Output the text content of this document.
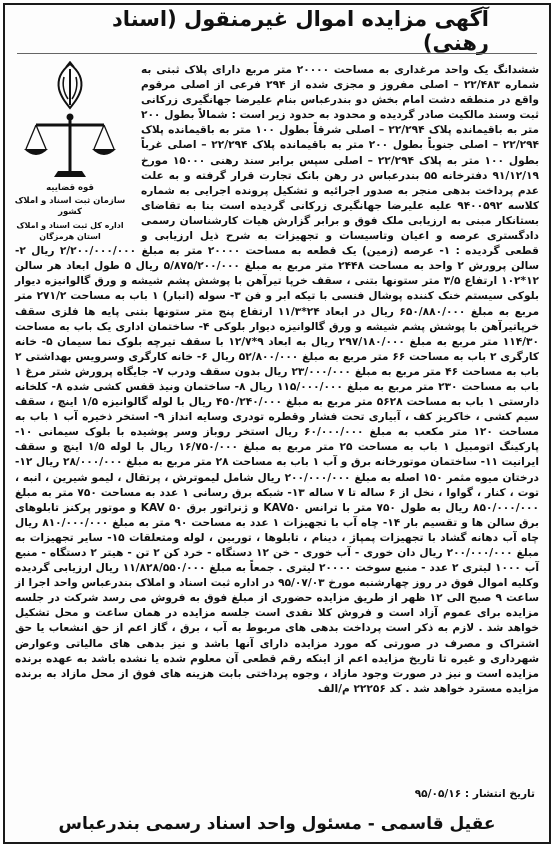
آگهی مزایده اموال غیرمنقول (اسناد رهنی)
قوه قضاییه
سازمان ثبت اسناد و املاک کشور
اداره کل ثبت اسناد و املاک استان هرمزگان
ششدانگ یک واحد مرغداری به مساحت ۲۰۰۰۰ متر مربع دارای پلاک ثبتی به شماره ۲۲/۴۸۳ – اصلی مفروز و مجزی شده از ۲۹۴ فرعی از اصلی مرقوم واقع در منطقه دشت امام بخش دو بندرعباس بنام علیرضا جهانگیری زرکانی ثبت وسند مالکیت صادر گردیده و محدود به حدود زیر است : شمالاً بطول ۲۰۰ متر به باقیمانده پلاک ۲۲/۲۹۴ – اصلی شرقاً بطول ۱۰۰ متر به باقیمانده پلاک ۲۲/۲۹۴ – اصلی جنوباً بطول ۲۰۰ متر به باقیمانده پلاک ۲۲/۲۹۴ – اصلی غرباً بطول ۱۰۰ متر به پلاک ۲۲/۲۹۴ – اصلی سپس برابر سند رهنی ۱۵۰۰۰ مورخ ۹۱/۱۲/۱۹ دفترخانه ۵۵ بندرعباس در رهن بانک تجارت قرار گرفته و به علت عدم پرداخت بدهی منجر به صدور اجرائیه و تشکیل پرونده اجرایی به شماره کلاسه ۹۴۰۰۵۹۲ علیه علیرضا جهانگیری زرکانی گردیده است بنا به تقاضای بستانکار مبنی به ارزیابی ملک فوق و برابر گزارش هیات کارشناسان رسمی دادگستری عرصه و اعیان وتاسیسات و تجهیزات به شرح ذیل ارزیابی و قطعی گردیده : ۱- عرصه (زمین) یک قطعه به مساحت ۲۰۰۰۰ متر به مبلغ ۲/۲۰۰/۰۰۰/۰۰۰ ریال ۲- سالن پرورش ۲ واحد به مساحت ۲۴۴۸ متر مربع به مبلغ ۵/۸۷۵/۲۰۰/۰۰۰ ریال ۵ طول ابعاد هر سالن ۱۲*۱۰۲ ارتفاع ۳/۵ متر ستونها بتنی ، سقف خرپا تیرآهن با پوشش پشم شیشه و ورق گالوانیزه دیوار بلوکی سیستم خنک کننده پوشال فنسی با تیکه ابر و فن ۳- سوله (انبار) ۱ باب به مساحت ۲۷۱/۲ متر مربع به مبلغ ۶۵۰/۸۸۰/۰۰۰ ریال در ابعاد ۲۴*۱۱/۳ ارتفاع پنج متر ستونها بتنی پایه ها فلزی سقف خرپاتیرآهن با پوشش پشم شیشه و ورق گالوانیزه دیوار بلوکی ۴- ساختمان اداری یک باب به مساحت ۱۱۴/۳۰ متر مربع به مبلغ ۲۹۷/۱۸۰/۰۰۰ ریال به ابعاد ۹*۱۲/۷ با سقف تیرچه بلوک نما سیمان ۵- خانه کارگری ۲ باب به مساحت ۶۶ متر مربع به مبلغ ۵۲/۸۰۰/۰۰۰ ریال ۶- خانه کارگری وسرویس بهداشتی ۲ باب به مساحت ۴۶ متر مربع به مبلغ ۲۳/۰۰۰/۰۰۰ ریال بدون سقف ودرب ۷- جایگاه پرورش شتر مرغ ۱ باب به مساحت ۲۳۰ متر مربع به مبلغ ۱۱۵/۰۰۰/۰۰۰ ریال ۸- ساختمان ونیذ قفس کشی شده ۸- کلخانه دارستی ۱ باب به مساحت ۵۶۲۸ متر مربع به مبلغ ۴۵۰/۲۴۰/۰۰۰ ریال با لوله گالوانیزه ۱/۵ اینچ ، سقف سیم کشی ، خاکریز کف ، آبیاری تحت فشار وقطره تودری وسایه انداز ۹- استخر ذخیره آب ۱ باب به مساحت ۱۲۰ متر مکعب به مبلغ ۶۰/۰۰۰/۰۰۰ ریال استخر روباز وسر پوشیده با بلوک سیمانی ۱۰- پارکینگ اتومبیل ۱ باب به مساحت ۲۵ متر مربع به مبلغ ۱۶/۷۵۰/۰۰۰ ریال با لوله ۱/۵ اینچ و سقف ایرانیت ۱۱- ساختمان موتورخانه برق و آب ۱ باب به مساحت ۲۸ متر مربع به مبلغ ۲۸/۰۰۰/۰۰۰ ریال ۱۲- درختان میوه مثمر ۱۵۰ اصله به مبلغ ۲۰۰/۰۰۰/۰۰۰ ریال شامل لیموترش ، پرتقال ، لیمو شیرین ، انبه ، توت ، کنار ، گواوا ، نخل از ۶ ساله تا ۷ ساله ۱۳- شبکه برق رسانی ۱ عدد به مساحت ۷۵۰ متر به مبلغ ۸۵۰/۰۰۰/۰۰۰ ریال به طول ۷۵۰ متر با ترانس KAV۵۰ و ژنراتور برق KAV ۵۰ و موتور پرکنز تابلوهای برق سالن ها و تقسیم بار ۱۴- چاه آب با تجهیزات ۱ عدد به مساحت ۹۰ متر به مبلغ ۸۱۰/۰۰۰/۰۰۰ ریال چاه آب دهانه گشاد با تجهیزات پمپاژ ، دینام ، تابلوها ، توربین ، لوله ومتعلقات ۱۵- سایر تجهیزات به مبلغ ۲۰۰/۰۰۰/۰۰۰ ریال دان خوری - آب خوری - خن ۱۲ دستگاه - خرد کن ۲ تن - هیتر ۲ دستگاه - منبع آب ۱۰۰۰ لیتری ۲ عدد - منبع سوخت ۲۰۰۰۰ لیتری . جمعاً به مبلغ ۱۱/۸۲۸/۵۵۰/۰۰۰ ریال ارزیابی گردیده وکلیه اموال فوق در روز چهارشنبه مورخ ۹۵/۰۷/۰۳ در اداره ثبت اسناد و املاک بندرعباس واحد اجرا از ساعت ۹ صبح الی ۱۲ ظهر از طریق مزایده حضوری از مبلغ فوق به فروش می رسد شرکت در جلسه مزایده برای عموم آزاد است و فروش کلا نقدی است جلسه مزایده در همان ساعت و محل تشکیل خواهد شد . لازم به ذکر است پرداخت بدهی های مربوط به آب ، برق ، گاز اعم از حق انشعاب یا حق اشتراک و مصرف در صورتی که مورد مزایده دارای آنها باشد و نیز بدهی های مالیاتی وعوارض شهرداری و غیره تا تاریخ مزایده اعم از اینکه رقم قطعی آن معلوم شده یا نشده باشد به عهده برنده مزایده است و نیز در صورت وجود مازاد ، وجوه پرداختی بابت هزینه های فوق از محل مازاد به برنده مزایده مسترد خواهد شد . کد ۲۲۲۵۶ م/الف
تاریخ انتشار : ۹۵/۰۵/۱۶
عقیل قاسمی - مسئول واحد اسناد رسمی بندرعباس
